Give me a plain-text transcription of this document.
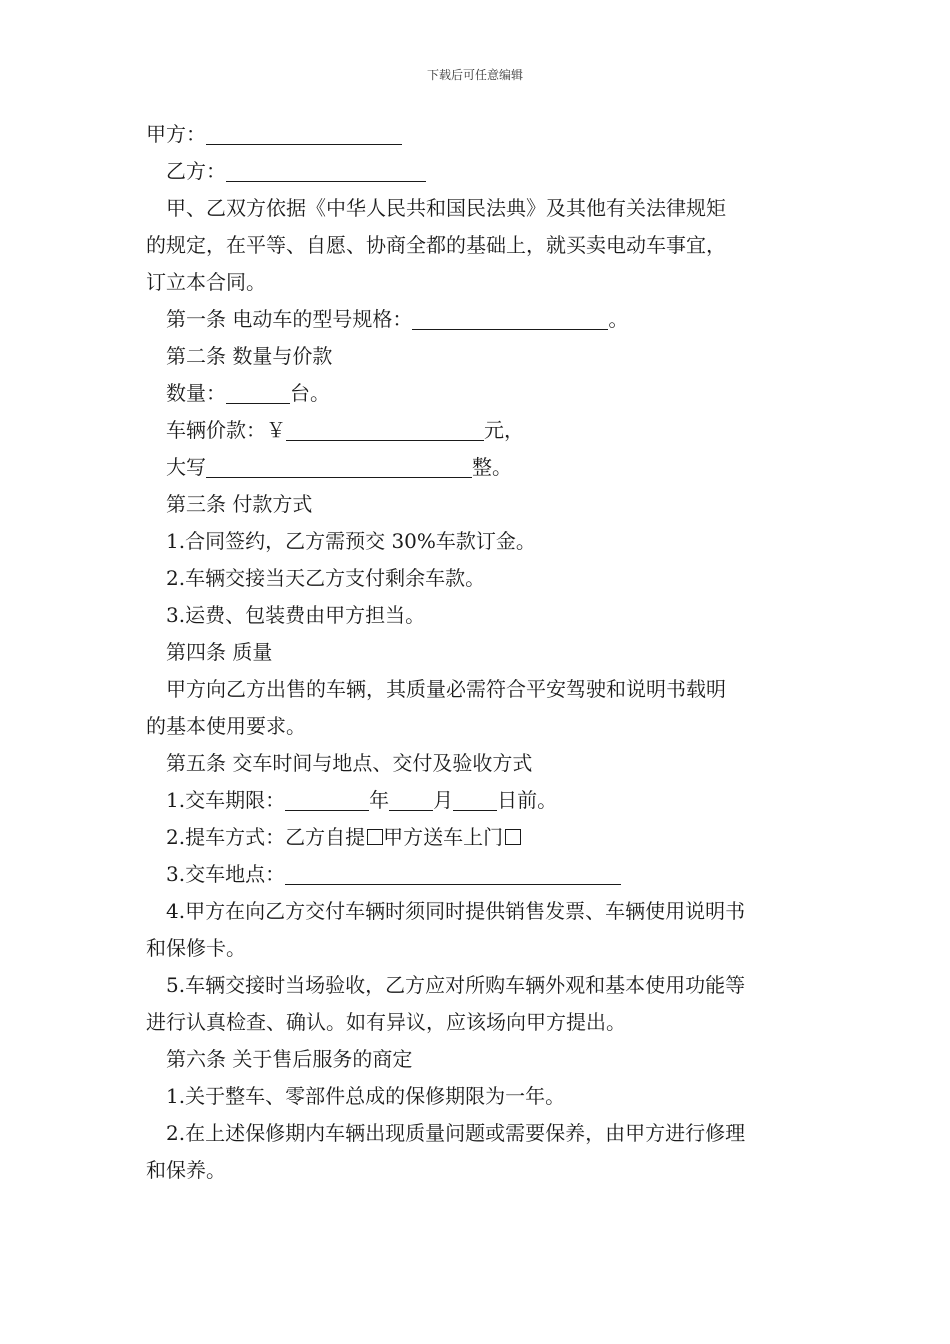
下载后可任意编辑
甲方：
乙方：
甲、乙双方依据《中华人民共和国民法典》及其他有关法律规矩
的规定，在平等、自愿、协商全都的基础上，就买卖电动车事宜，
订立本合同。
第一条 电动车的型号规格：	。
第二条 数量与价款
数量：	台。
车辆价款：￥	元，
大写	整。
第三条 付款方式
1.合同签约，乙方需预交 30%车款订金。
2.车辆交接当天乙方支付剩余车款。
3.运费、包装费由甲方担当。
第四条 质量
甲方向乙方出售的车辆，其质量必需符合平安驾驶和说明书载明
的基本使用要求。
第五条 交车时间与地点、交付及验收方式
1.交车期限：	年 月 日前。
2.提车方式：乙方自提 甲方送车上门
3.交车地点：
4.甲方在向乙方交付车辆时须同时提供销售发票、车辆使用说明书
和保修卡。
5.车辆交接时当场验收，乙方应对所购车辆外观和基本使用功能等
进行认真检查、确认。如有异议，应该场向甲方提出。
第六条 关于售后服务的商定
1.关于整车、零部件总成的保修期限为一年。
2.在上述保修期内车辆出现质量问题或需要保养，由甲方进行修理
和保养。
